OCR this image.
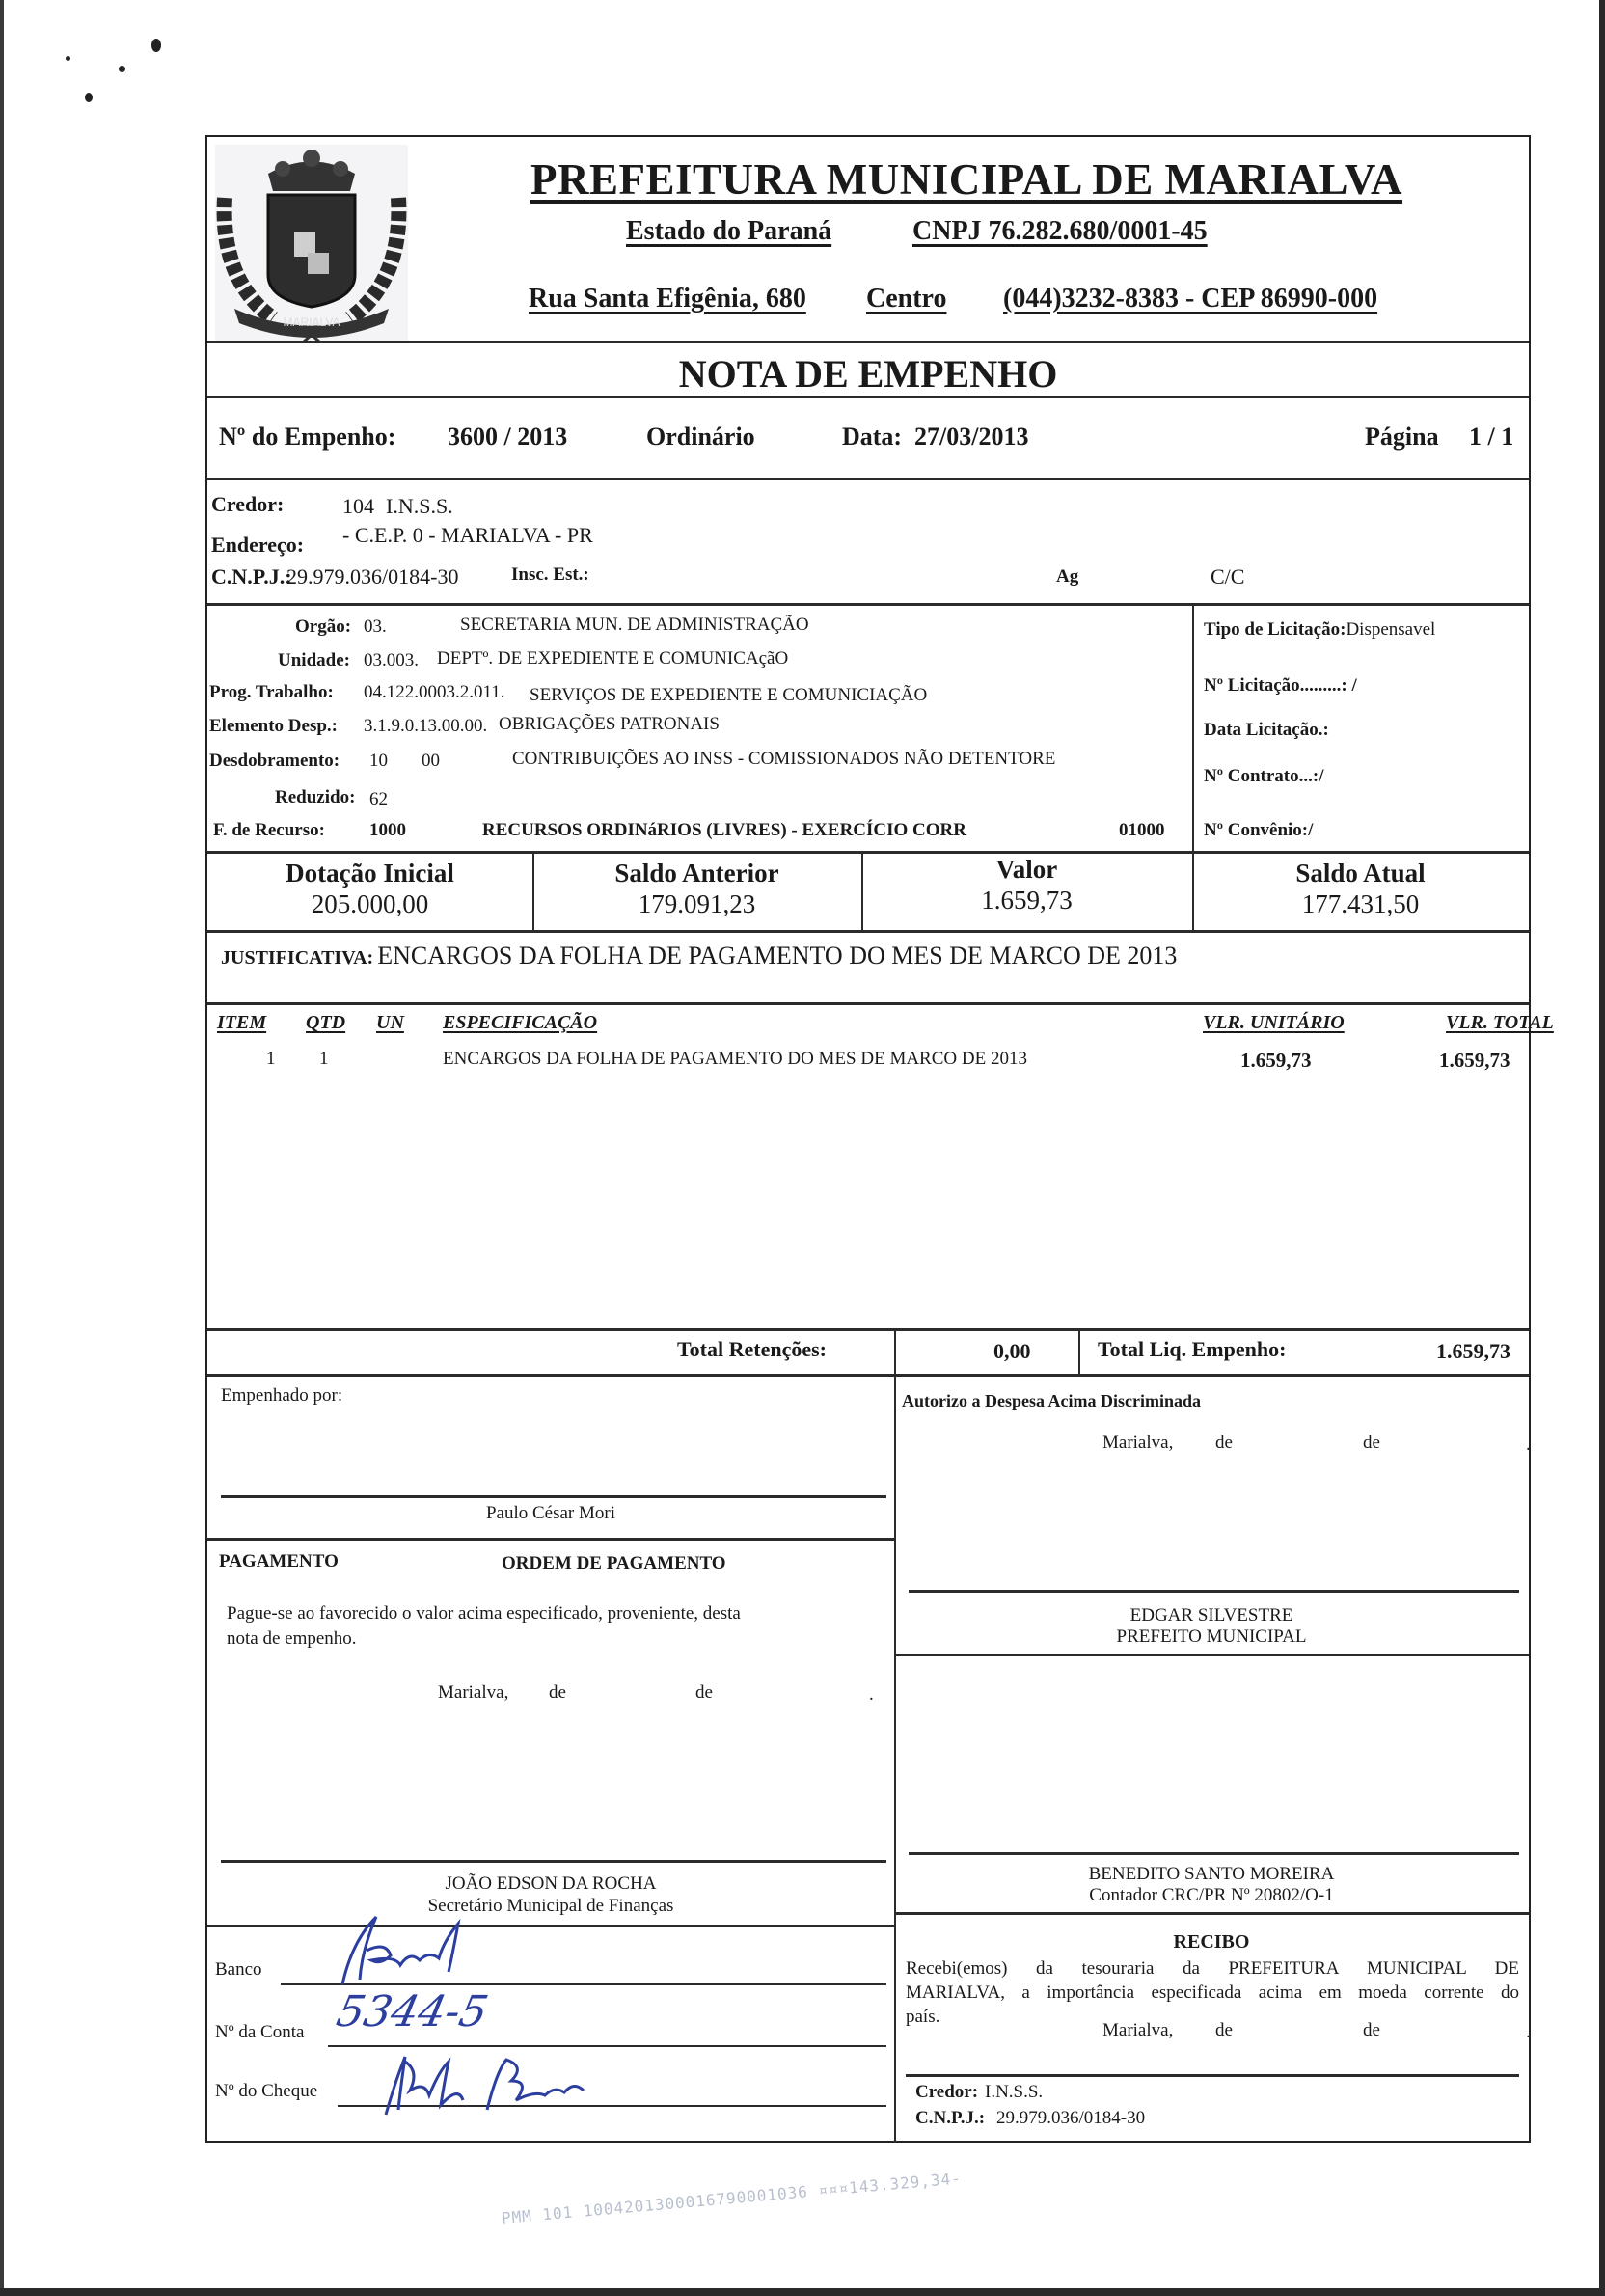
MARIALVA
PREFEITURA MUNICIPAL DE MARIALVA
Estado do Paraná	CNPJ 76.282.680/0001-45
Rua Santa Efigênia, 680 Centro (044)3232-8383 - CEP 86990-000
NOTA DE EMPENHO
Nº do Empenho: 3600 / 2013	Ordinário	Data: 27/03/2013	Página 1 / 1
Credor:	104 I.N.S.S.
Endereço: - C.E.P. 0 - MARIALVA - PR
C.N.P.J.:
29.979.036/0184-30	Insc. Est.:	Ag	C/C
Orgão: 03.	SECRETARIA MUN. DE ADMINISTRAÇÃO
Unidade: 03.003. DEPTº. DE EXPEDIENTE E COMUNICAçãO
Prog. Trabalho: 04.122.0003.2.011. SERVIÇOS DE EXPEDIENTE E COMUNICIAÇÃO
Elemento Desp.: 3.1.9.0.13.00.00. OBRIGAÇÕES PATRONAIS
Desdobramento: 10 00	CONTRIBUIÇÕES AO INSS - COMISSIONADOS NÃO DETENTORE
Reduzido: 62
F. de Recurso: 1000	RECURSOS ORDINáRIOS (LIVRES) - EXERCÍCIO CORR	01000
Tipo de Licitação:Dispensavel
Nº Licitação.........: /
Data Licitação.:
Nº Contrato...:/
Nº Convênio:/
Dotação Inicial
205.000,00
Saldo Anterior
179.091,23
Valor
1.659,73
Saldo Atual
177.431,50
JUSTIFICATIVA: ENCARGOS DA FOLHA DE PAGAMENTO DO MES DE MARCO DE 2013
ITEM QTD UN ESPECIFICAÇÃO	VLR. UNITÁRIO	VLR. TOTAL
1 1	ENCARGOS DA FOLHA DE PAGAMENTO DO MES DE MARCO DE 2013	1.659,73	1.659,73
Total Retenções:	0,00	Total Liq. Empenho:	1.659,73
Empenhado por:
Paulo César Mori
Autorizo a Despesa Acima Discriminada
Marialva, de	de	.
PAGAMENTO	ORDEM DE PAGAMENTO
Pague-se ao favorecido o valor acima especificado, proveniente, desta
nota de empenho.
Marialva, de	de	.
EDGAR SILVESTRE
PREFEITO MUNICIPAL
BENEDITO SANTO MOREIRA
Contador CRC/PR Nº 20802/O-1
JOÃO EDSON DA ROCHA
Secretário Municipal de Finanças
Banco
Nº da Conta
Nº do Cheque
5344-5
RECIBO
Recebi(emos) da tesouraria da PREFEITURA MUNICIPAL DE
MARIALVA, a importância especificada acima em moeda corrente do
país.
Marialva, de	de	.
Credor: I.N.S.S.
C.N.P.J.: 29.979.036/0184-30
PMM 101 1004201300016790001036 ¤¤¤143.329,34-
